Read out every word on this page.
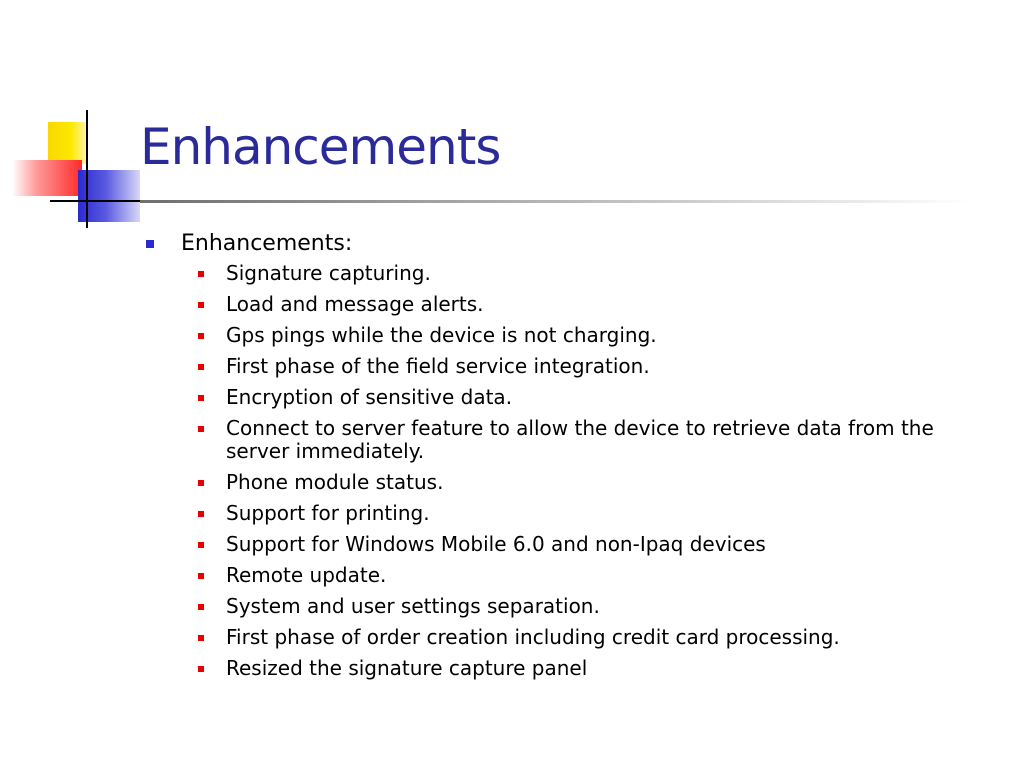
Enhancements
Enhancements:
Signature capturing.
Load and message alerts.
Gps pings while the device is not charging.
First phase of the field service integration.
Encryption of sensitive data.
Connect to server feature to allow the device to retrieve data from the server immediately.
Phone module status.
Support for printing.
Support for Windows Mobile 6.0 and non-Ipaq devices
Remote update.
System and user settings separation.
First phase of order creation including credit card processing.
Resized the signature capture panel
